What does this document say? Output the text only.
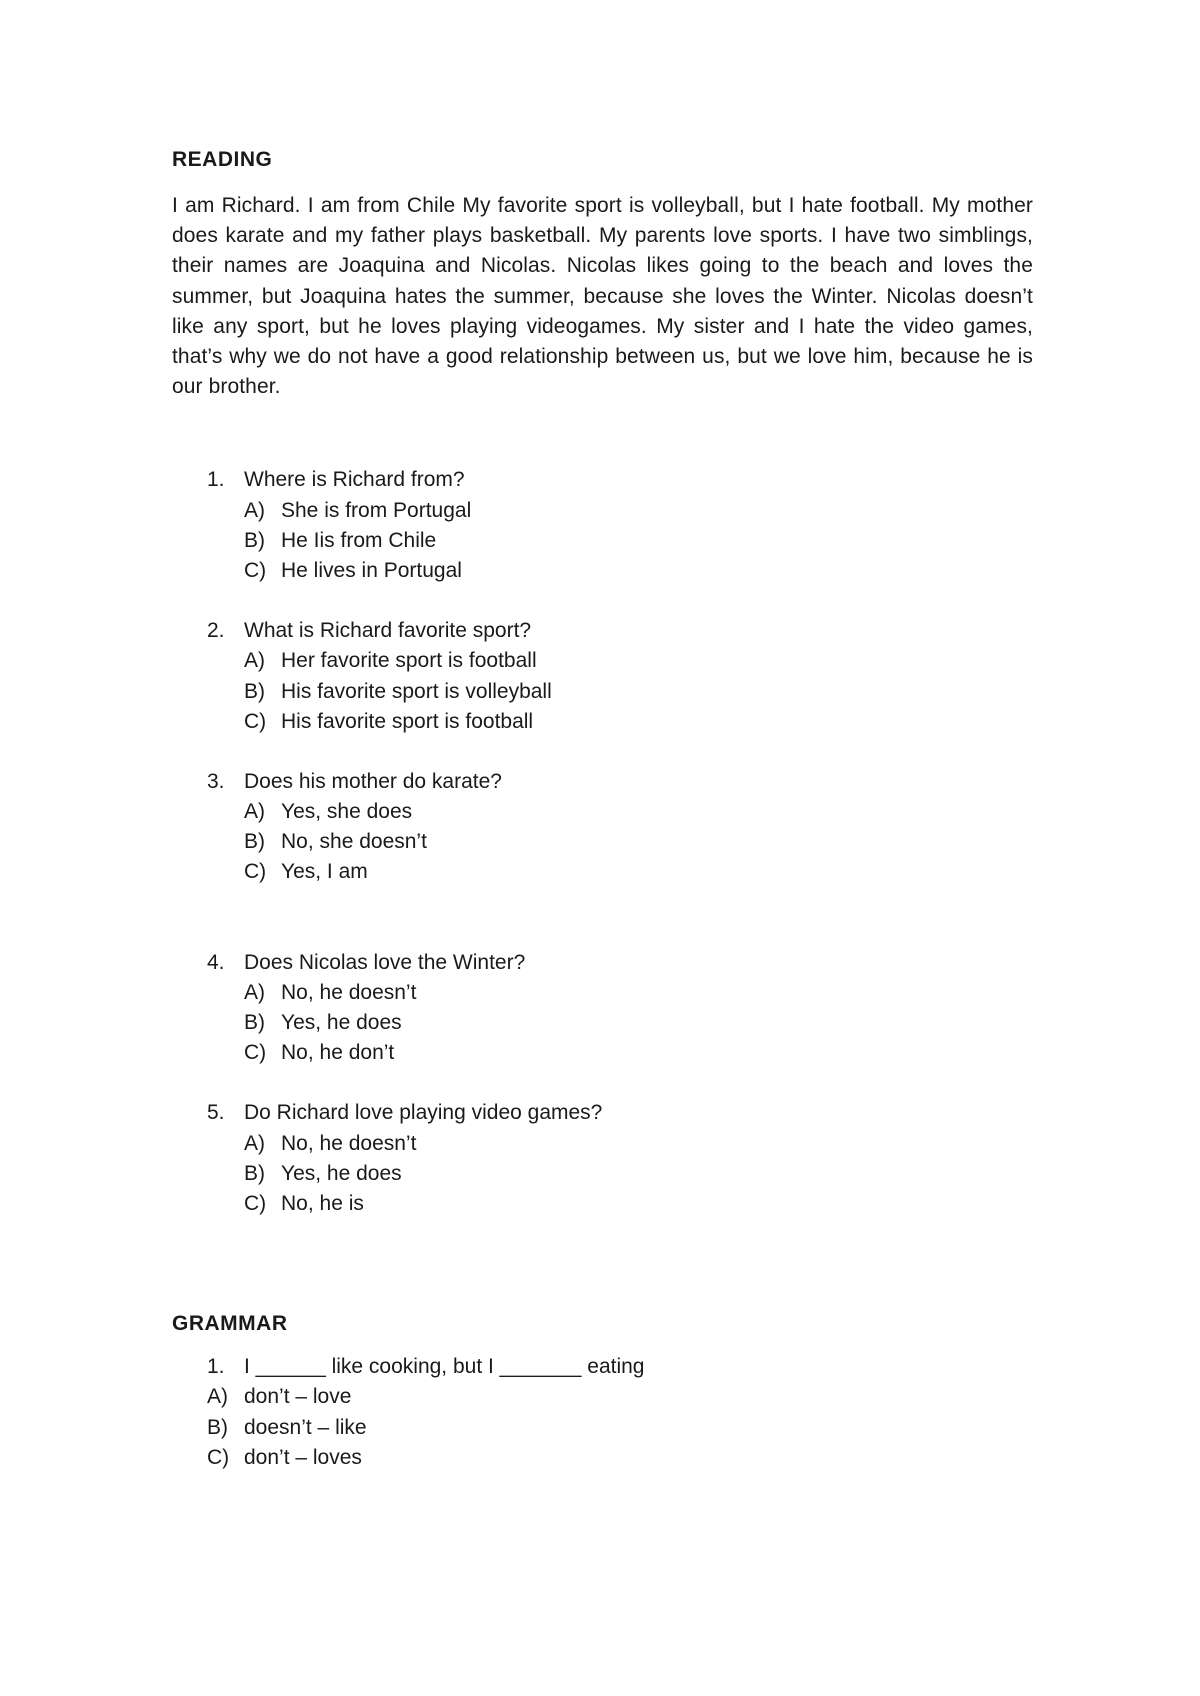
READING

I am Richard. I am from Chile My favorite sport is volleyball, but I hate football. My mother does karate and my father plays basketball. My parents love sports. I have two simblings, their names are Joaquina and Nicolas. Nicolas likes going to the beach and loves the summer, but Joaquina hates the summer, because she loves the Winter. Nicolas doesn’t like any sport, but he loves playing videogames. My sister and I hate the video games, that’s why we do not have a good relationship between us, but we love him, because he is our brother.

1. Where is Richard from?
A) She is from Portugal
B) He Iis from Chile
C) He lives in Portugal
2. What is Richard favorite sport?
A) Her favorite sport is football
B) His favorite sport is volleyball
C) His favorite sport is football
3. Does his mother do karate?
A) Yes, she does
B) No, she doesn’t
C) Yes, I am
4. Does Nicolas love the Winter?
A) No, he doesn’t
B) Yes, he does
C) No, he don’t
5. Do Richard love playing video games?
A) No, he doesn’t
B) Yes, he does
C) No, he is
GRAMMAR
1. I ______ like cooking, but I _______ eating
A) don’t – love
B) doesn’t – like
C) don’t – loves
